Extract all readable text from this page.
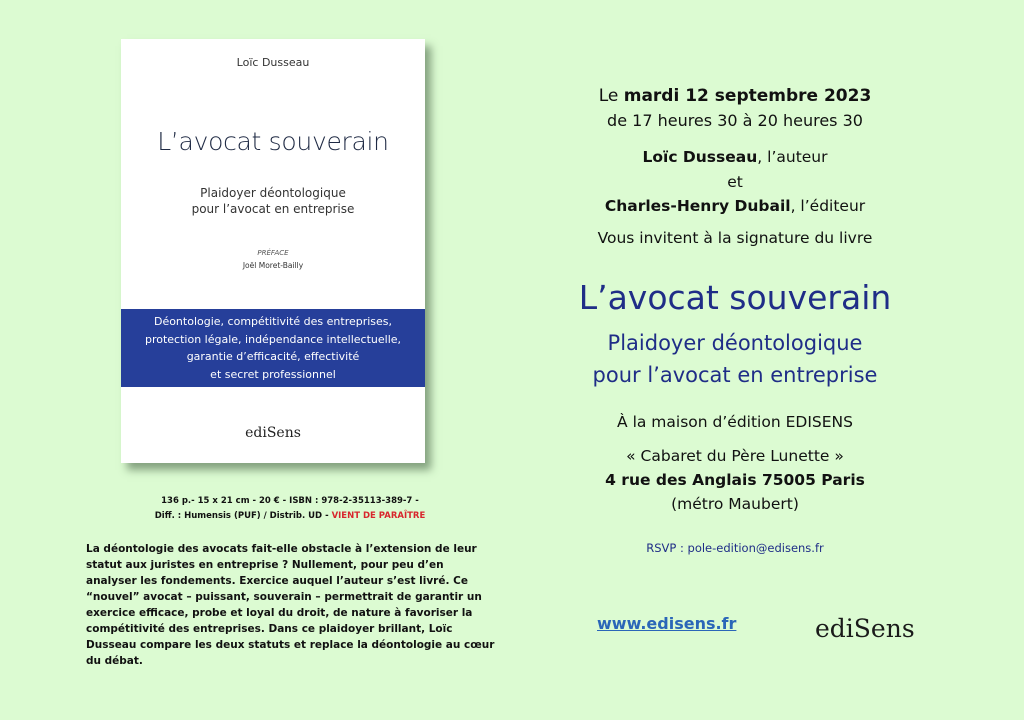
Loïc Dusseau
L’avocat souverain
Plaidoyer déontologique
pour l’avocat en entreprise
PRÉFACE
Joël Moret-Bailly
Déontologie, compétitivité des entreprises,
protection légale, indépendance intellectuelle,
garantie d’efficacité, effectivité
et secret professionnel
ediSens
136 p.- 15 x 21 cm - 20 € - ISBN : 978-2-35113-389-7 -
Diff. : Humensis (PUF) / Distrib. UD - VIENT DE PARAÎTRE
La déontologie des avocats fait-elle obstacle à l’extension de leur statut aux juristes en entreprise ? Nullement, pour peu d’en analyser les fondements. Exercice auquel l’auteur s’est livré. Ce “nouvel” avocat – puissant, souverain – permettrait de garantir un exercice efficace, probe et loyal du droit, de nature à favoriser la compétitivité des entreprises. Dans ce plaidoyer brillant, Loïc Dusseau compare les deux statuts et replace la déontologie au cœur du débat.
Le mardi 12 septembre 2023
de 17 heures 30 à 20 heures 30
Loïc Dusseau, l’auteur
et
Charles-Henry Dubail, l’éditeur
Vous invitent à la signature du livre
L’avocat souverain
Plaidoyer déontologique
pour l’avocat en entreprise
À la maison d’édition EDISENS
« Cabaret du Père Lunette »
4 rue des Anglais 75005 Paris
(métro Maubert)
RSVP : pole-edition@edisens.fr
www.edisens.fr	ediSens
